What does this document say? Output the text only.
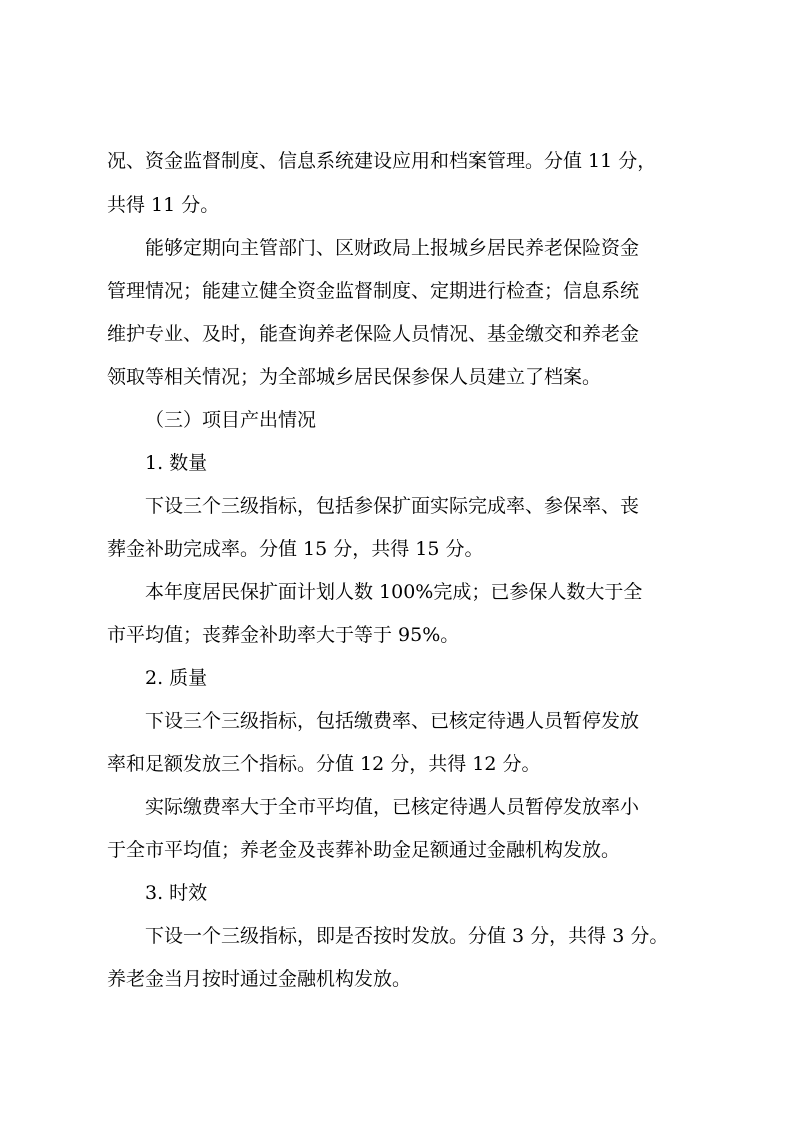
况、资金监督制度、信息系统建设应用和档案管理。分值 11 分，
共得 11 分。
能够定期向主管部门、区财政局上报城乡居民养老保险资金
管理情况；能建立健全资金监督制度、定期进行检查；信息系统
维护专业、及时，能查询养老保险人员情况、基金缴交和养老金
领取等相关情况；为全部城乡居民保参保人员建立了档案。
（三）项目产出情况
1. 数量
下设三个三级指标，包括参保扩面实际完成率、参保率、丧
葬金补助完成率。分值 15 分，共得 15 分。
本年度居民保扩面计划人数 100%完成；已参保人数大于全
市平均值；丧葬金补助率大于等于 95%。
2. 质量
下设三个三级指标，包括缴费率、已核定待遇人员暂停发放
率和足额发放三个指标。分值 12 分，共得 12 分。
实际缴费率大于全市平均值，已核定待遇人员暂停发放率小
于全市平均值；养老金及丧葬补助金足额通过金融机构发放。
3. 时效
下设一个三级指标，即是否按时发放。分值 3 分，共得 3 分。
养老金当月按时通过金融机构发放。
